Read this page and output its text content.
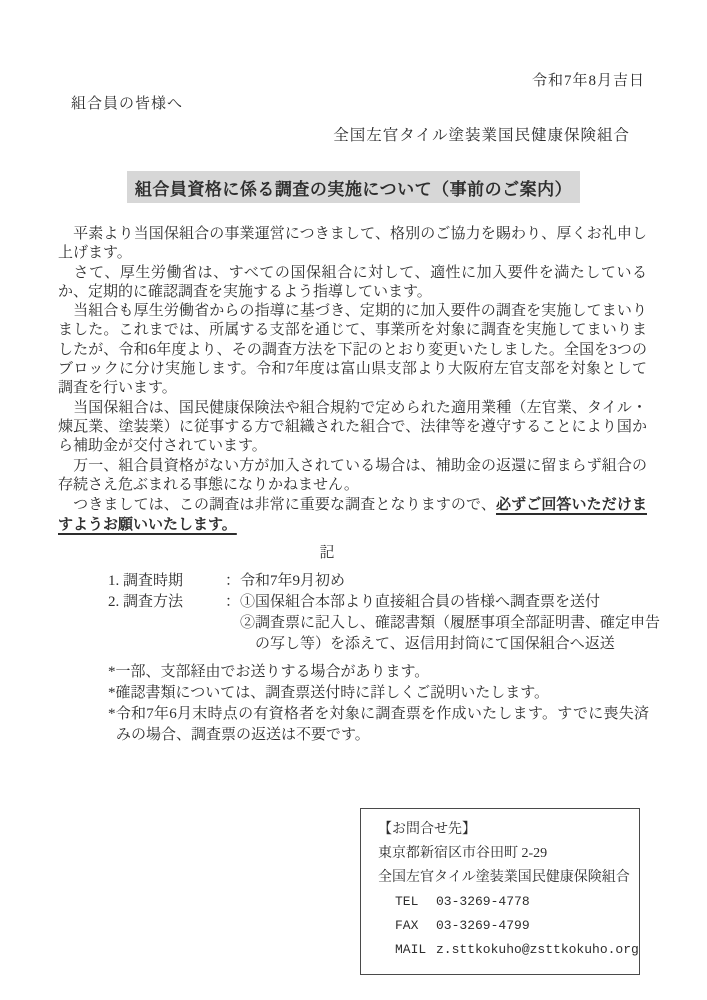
令和7年8月吉日
組合員の皆様へ
全国左官タイル塗装業国民健康保険組合
組合員資格に係る調査の実施について（事前のご案内）

　平素より当国保組合の事業運営につきまして、格別のご協力を賜わり、厚くお礼申し上げます。

　さて、厚生労働省は、すべての国保組合に対して、適性に加入要件を満たしているか、定期的に確認調査を実施するよう指導しています。

　当組合も厚生労働省からの指導に基づき、定期的に加入要件の調査を実施してまいりました。これまでは、所属する支部を通じて、事業所を対象に調査を実施してまいりましたが、令和6年度より、その調査方法を下記のとおり変更いたしました。全国を3つのブロックに分け実施します。令和7年度は富山県支部より大阪府左官支部を対象として調査を行います。

　当国保組合は、国民健康保険法や組合規約で定められた適用業種（左官業、タイル・煉瓦業、塗装業）に従事する方で組織された組合で、法律等を遵守することにより国から補助金が交付されています。

　万一、組合員資格がない方が加入されている場合は、補助金の返還に留まらず組合の存続さえ危ぶまれる事態になりかねません。

　つきましては、この調査は非常に重要な調査となりますので、必ずご回答いただけますようお願いいたします。

記
1. 調査時期	： 令和7年9月初め
2. 調査方法	： ①国保組合本部より直接組合員の皆様へ調査票を送付
②調査票に記入し、確認書類（履歴事項全部証明書、確定申告
　の写し等）を添えて、返信用封筒にて国保組合へ返送

*一部、支部経由でお送りする場合があります。

*確認書類については、調査票送付時に詳しくご説明いたします。

*令和7年6月末時点の有資格者を対象に調査票を作成いたします。すでに喪失済みの場合、調査票の返送は不要です。

【お問合せ先】
東京都新宿区市谷田町 2-29
全国左官タイル塗装業国民健康保険組合
TEL 03-3269-4778
FAX 03-3269-4799
MAIL z.sttkokuho@zsttkokuho.org
